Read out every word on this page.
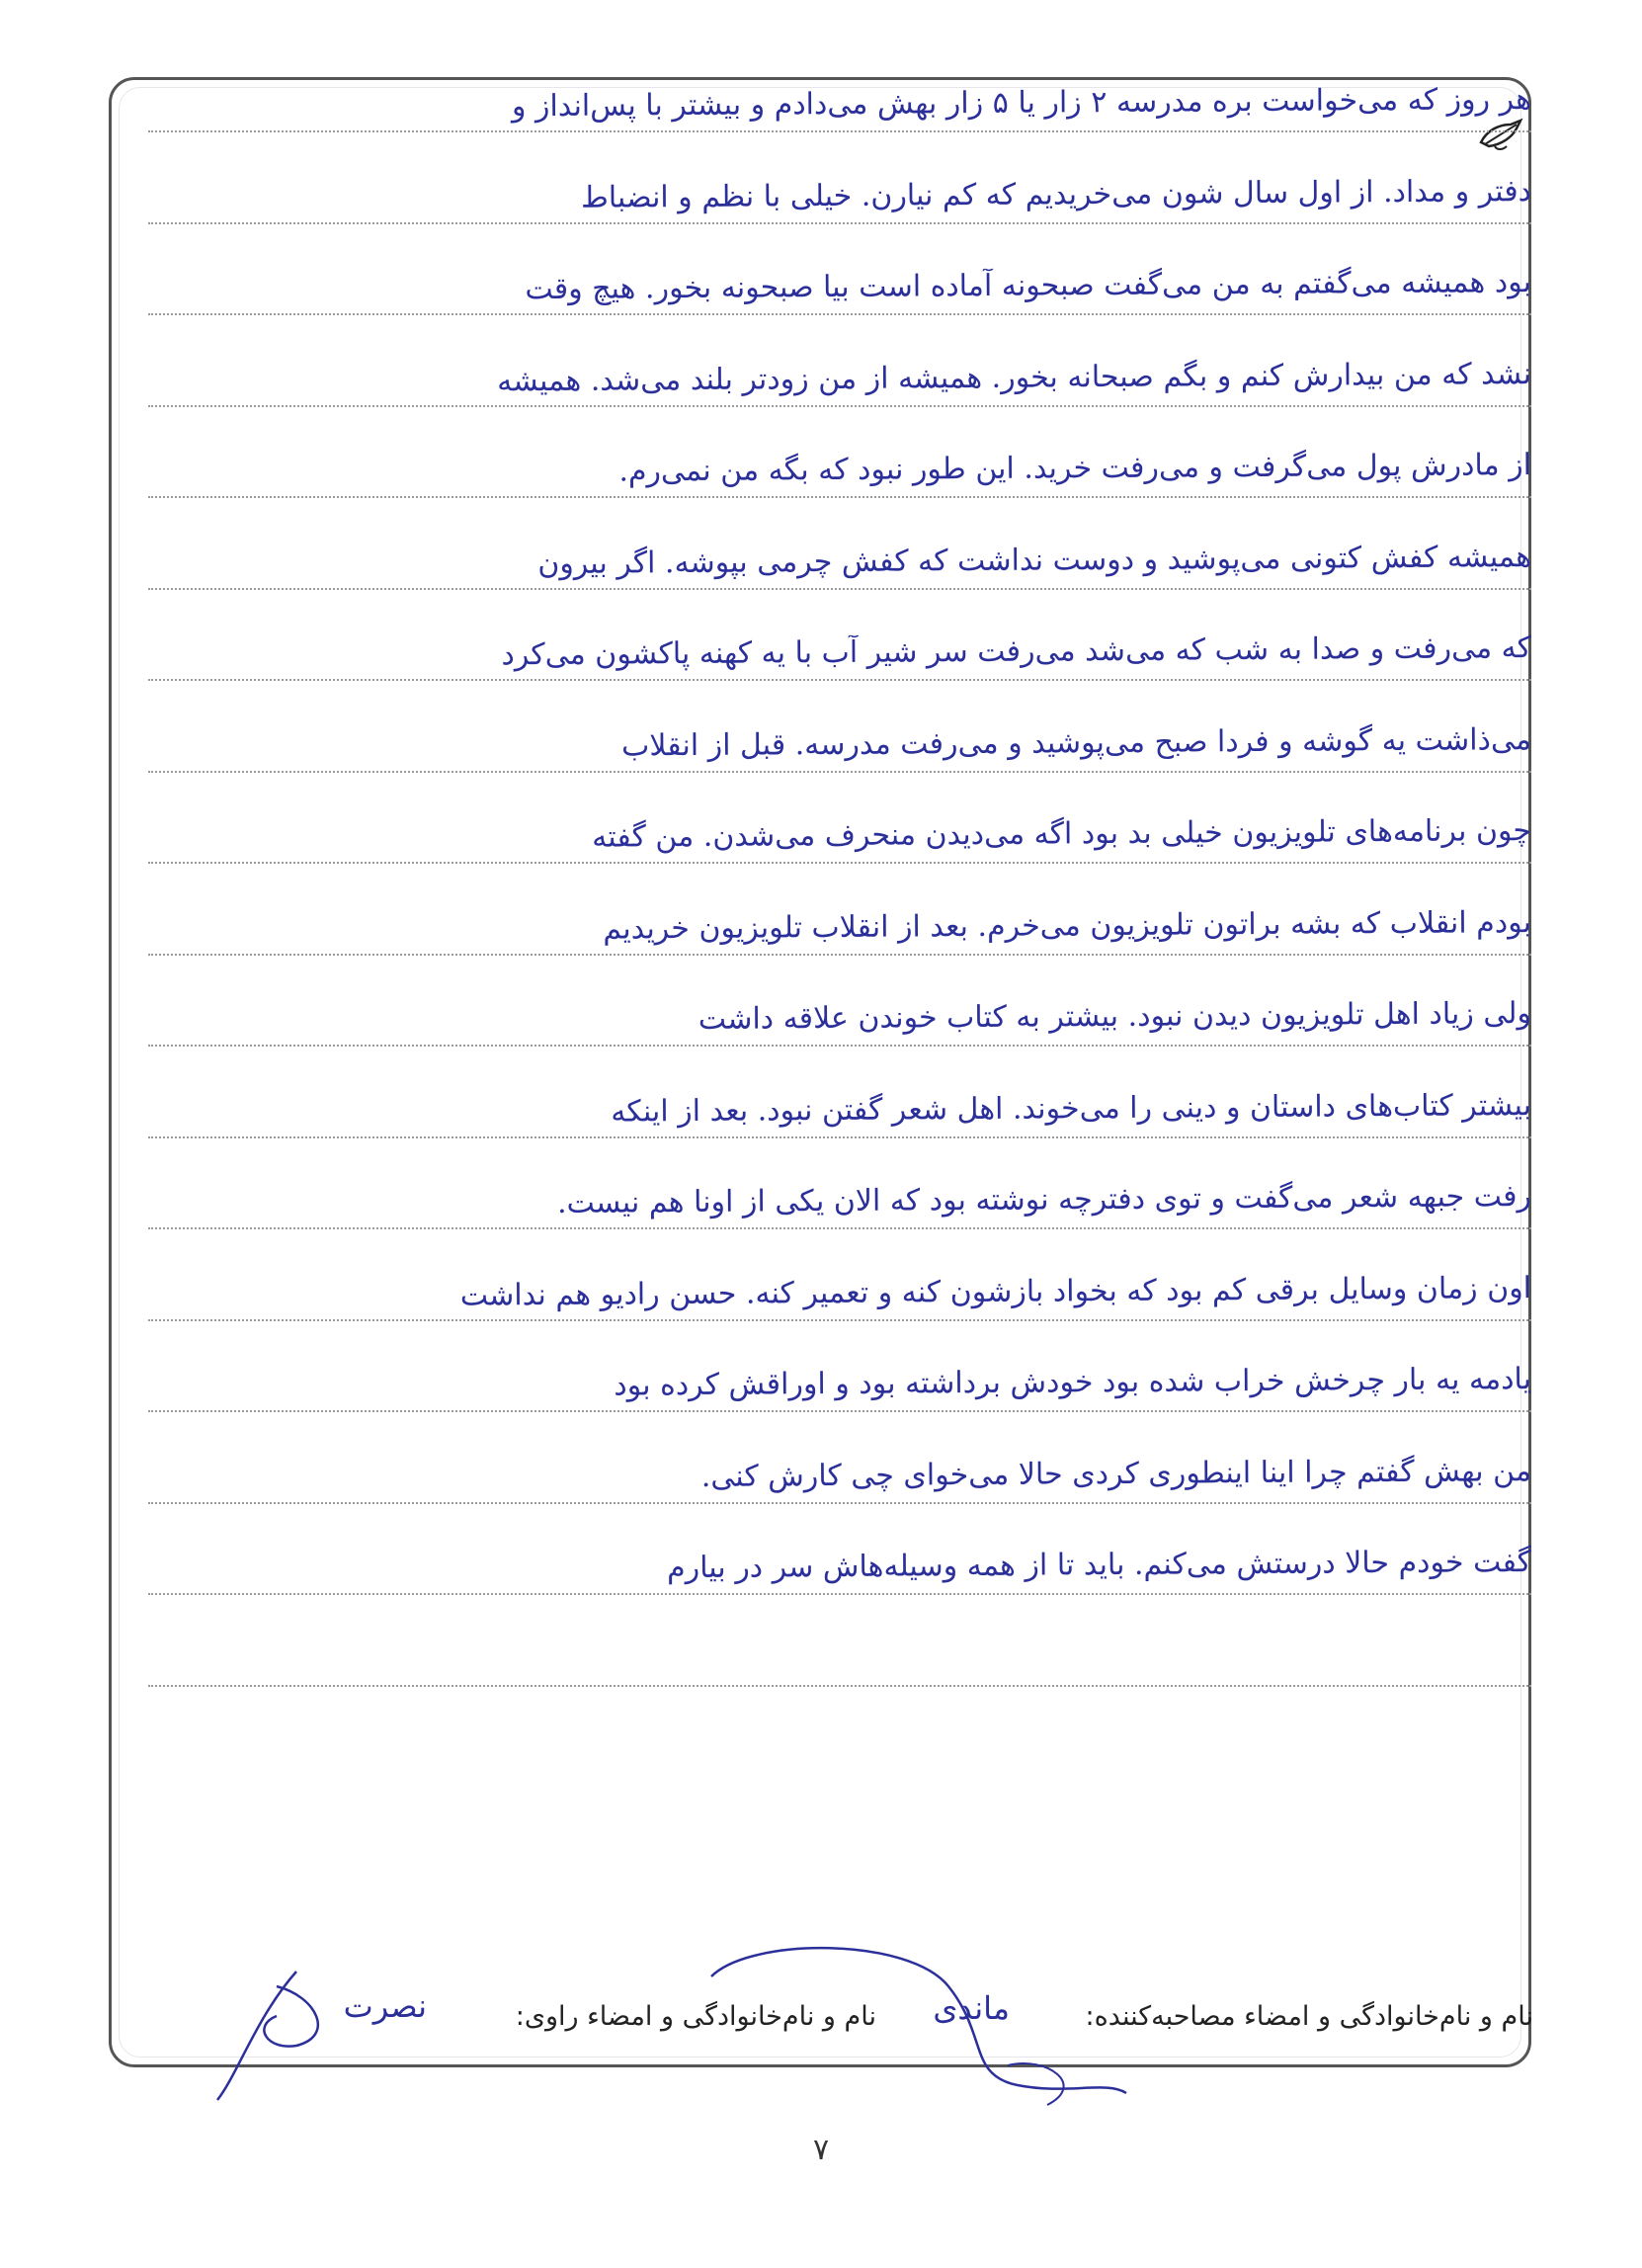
هر روز که می‌خواست بره مدرسه ۲ زار یا ۵ زار بهش می‌دادم و بیشتر با پس‌انداز و
دفتر و مداد. از اول سال شون می‌خریدیم که کم نیارن. خیلی با نظم و انضباط
بود همیشه می‌گفتم به من می‌گفت صبحونه آماده است بیا صبحونه بخور. هیچ وقت
نشد که من بیدارش کنم و بگم صبحانه بخور. همیشه از من زودتر بلند می‌شد. همیشه
از مادرش پول می‌گرفت و می‌رفت خرید. این طور نبود که بگه من نمی‌رم.
همیشه کفش کتونی می‌پوشید و دوست نداشت که کفش چرمی بپوشه. اگر بیرون
که می‌رفت و صدا به شب که می‌شد می‌رفت سر شیر آب با یه کهنه پاکشون می‌کرد
می‌ذاشت یه گوشه و فردا صبح می‌پوشید و می‌رفت مدرسه. قبل از انقلاب
چون برنامه‌های تلویزیون خیلی بد بود اگه می‌دیدن منحرف می‌شدن. من گفته
بودم انقلاب که بشه براتون تلویزیون می‌خرم. بعد از انقلاب تلویزیون خریدیم
ولی زیاد اهل تلویزیون دیدن نبود. بیشتر به کتاب خوندن علاقه داشت
بیشتر کتاب‌های داستان و دینی را می‌خوند. اهل شعر گفتن نبود. بعد از اینکه
رفت جبهه شعر می‌گفت و توی دفترچه نوشته بود که الان یکی از اونا هم نیست.
اون زمان وسایل برقی کم بود که بخواد بازشون کنه و تعمیر کنه. حسن رادیو هم نداشت
یادمه یه بار چرخش خراب شده بود خودش برداشته بود و اوراقش کرده بود
من بهش گفتم چرا اینا اینطوری کردی حالا می‌خوای چی کارش کنی.
گفت خودم حالا درستش می‌کنم. باید تا از همه وسیله‌هاش سر در بیارم
نام و نام‌خانوادگی و امضاء مصاحبه‌کننده:
ماندی
نام و نام‌خانوادگی و امضاء راوی:
نصرت
۷
